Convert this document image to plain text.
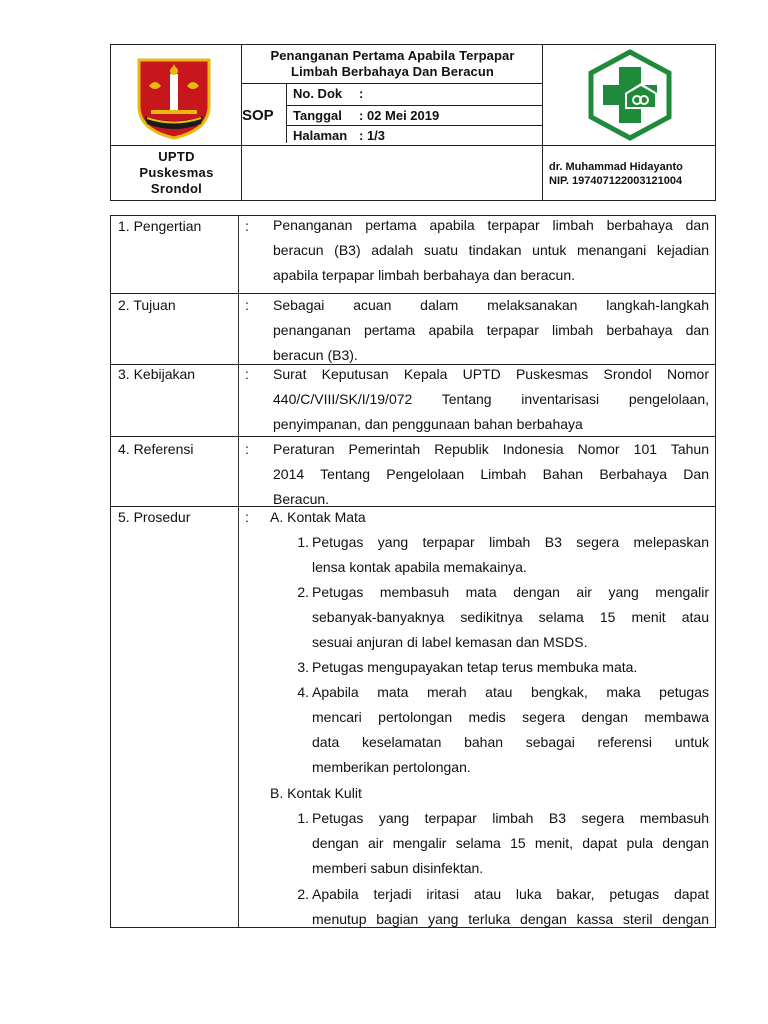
Penanganan Pertama Apabila Terpapar
Limbah Berbahaya Dan Beracun
SOP
No. Dok :
Tanggal : 02 Mei 2019
Halaman : 1/3
UPTD
Puskesmas
Srondol
dr. Muhammad Hidayanto
NIP. 197407122003121004
1. Pengertian	: Penanganan pertama apabila terpapar limbah berbahaya dan
beracun (B3) adalah suatu tindakan untuk menangani kejadian
apabila terpapar limbah berbahaya dan beracun.
2. Tujuan	: Sebagai acuan dalam melaksanakan langkah-langkah
penanganan pertama apabila terpapar limbah berbahaya dan
beracun (B3).
3. Kebijakan	: Surat Keputusan Kepala UPTD Puskesmas Srondol Nomor
440/C/VIII/SK/I/19/072 Tentang inventarisasi pengelolaan,
penyimpanan, dan penggunaan bahan berbahaya
4. Referensi	: Peraturan Pemerintah Republik Indonesia Nomor 101 Tahun
2014 Tentang Pengelolaan Limbah Bahan Berbahaya Dan
Beracun.
5. Prosedur	: A. Kontak Mata
1. Petugas yang terpapar limbah B3 segera melepaskan
lensa kontak apabila memakainya.
2. Petugas membasuh mata dengan air yang mengalir
sebanyak-banyaknya sedikitnya selama 15 menit atau
sesuai anjuran di label kemasan dan MSDS.
3. Petugas mengupayakan tetap terus membuka mata.
4. Apabila mata merah atau bengkak, maka petugas
mencari pertolongan medis segera dengan membawa
data keselamatan bahan sebagai referensi untuk
memberikan pertolongan.
B. Kontak Kulit
1. Petugas yang terpapar limbah B3 segera membasuh
dengan air mengalir selama 15 menit, dapat pula dengan
memberi sabun disinfektan.
2. Apabila terjadi iritasi atau luka bakar, petugas dapat
menutup bagian yang terluka dengan kassa steril dengan
